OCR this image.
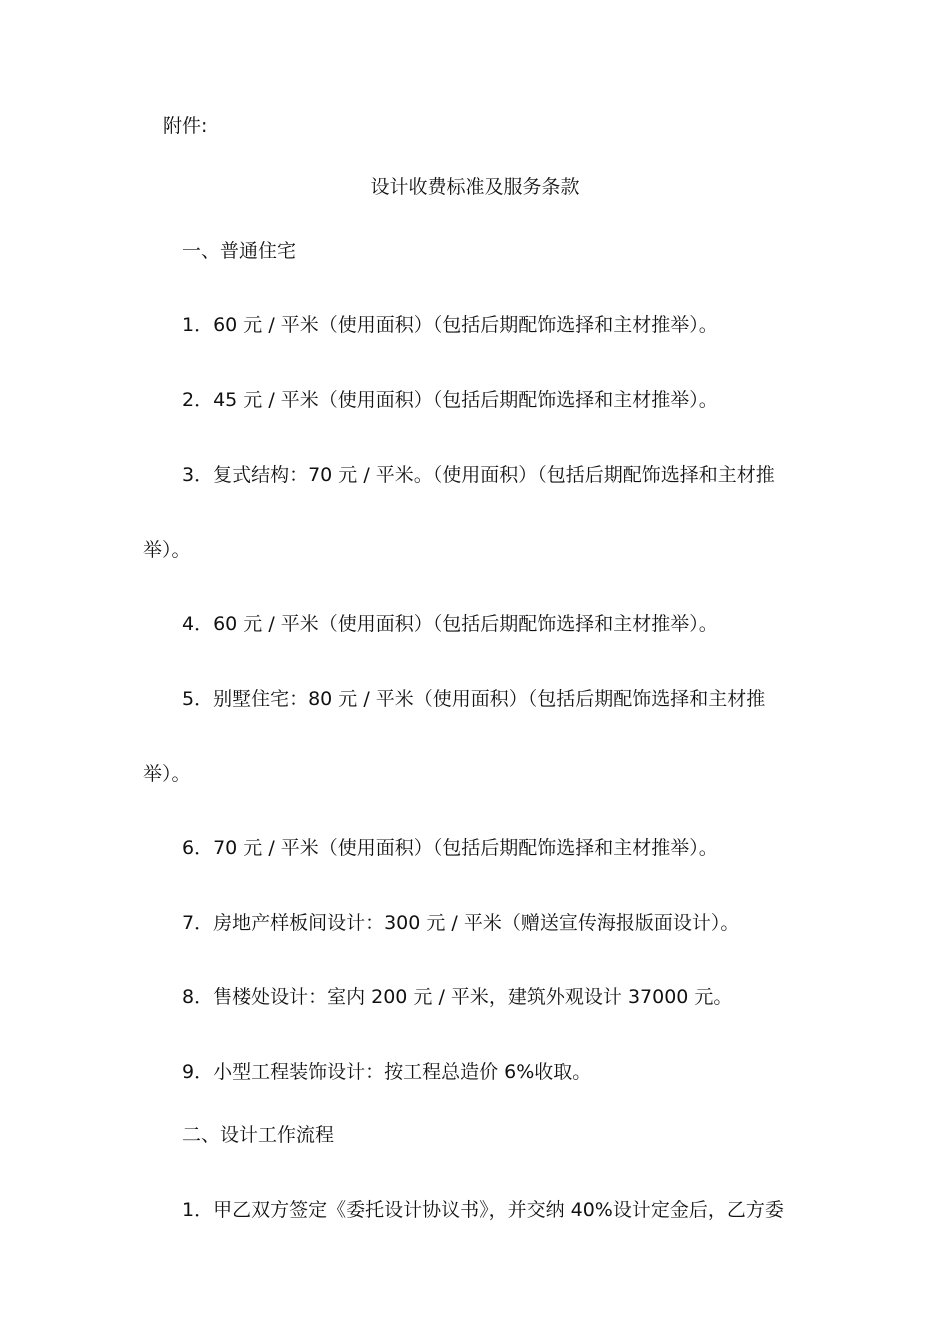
附件:
设计收费标准及服务条款
一、普通住宅
1．60 元 / 平米（使用面积）（包括后期配饰选择和主材推举）。
2．45 元 / 平米（使用面积）（包括后期配饰选择和主材推举）。
3．复式结构：70 元 / 平米。（使用面积）（包括后期配饰选择和主材推
举）。
4．60 元 / 平米（使用面积）（包括后期配饰选择和主材推举）。
5．别墅住宅：80 元 / 平米（使用面积）（包括后期配饰选择和主材推
举）。
6．70 元 / 平米（使用面积）（包括后期配饰选择和主材推举）。
7．房地产样板间设计：300 元 / 平米（赠送宣传海报版面设计）。
8．售楼处设计：室内 200 元 / 平米，建筑外观设计 37000 元。
9．小型工程装饰设计：按工程总造价 6%收取。
二、设计工作流程
1．甲乙双方签定《委托设计协议书》，并交纳 40%设计定金后，乙方委
